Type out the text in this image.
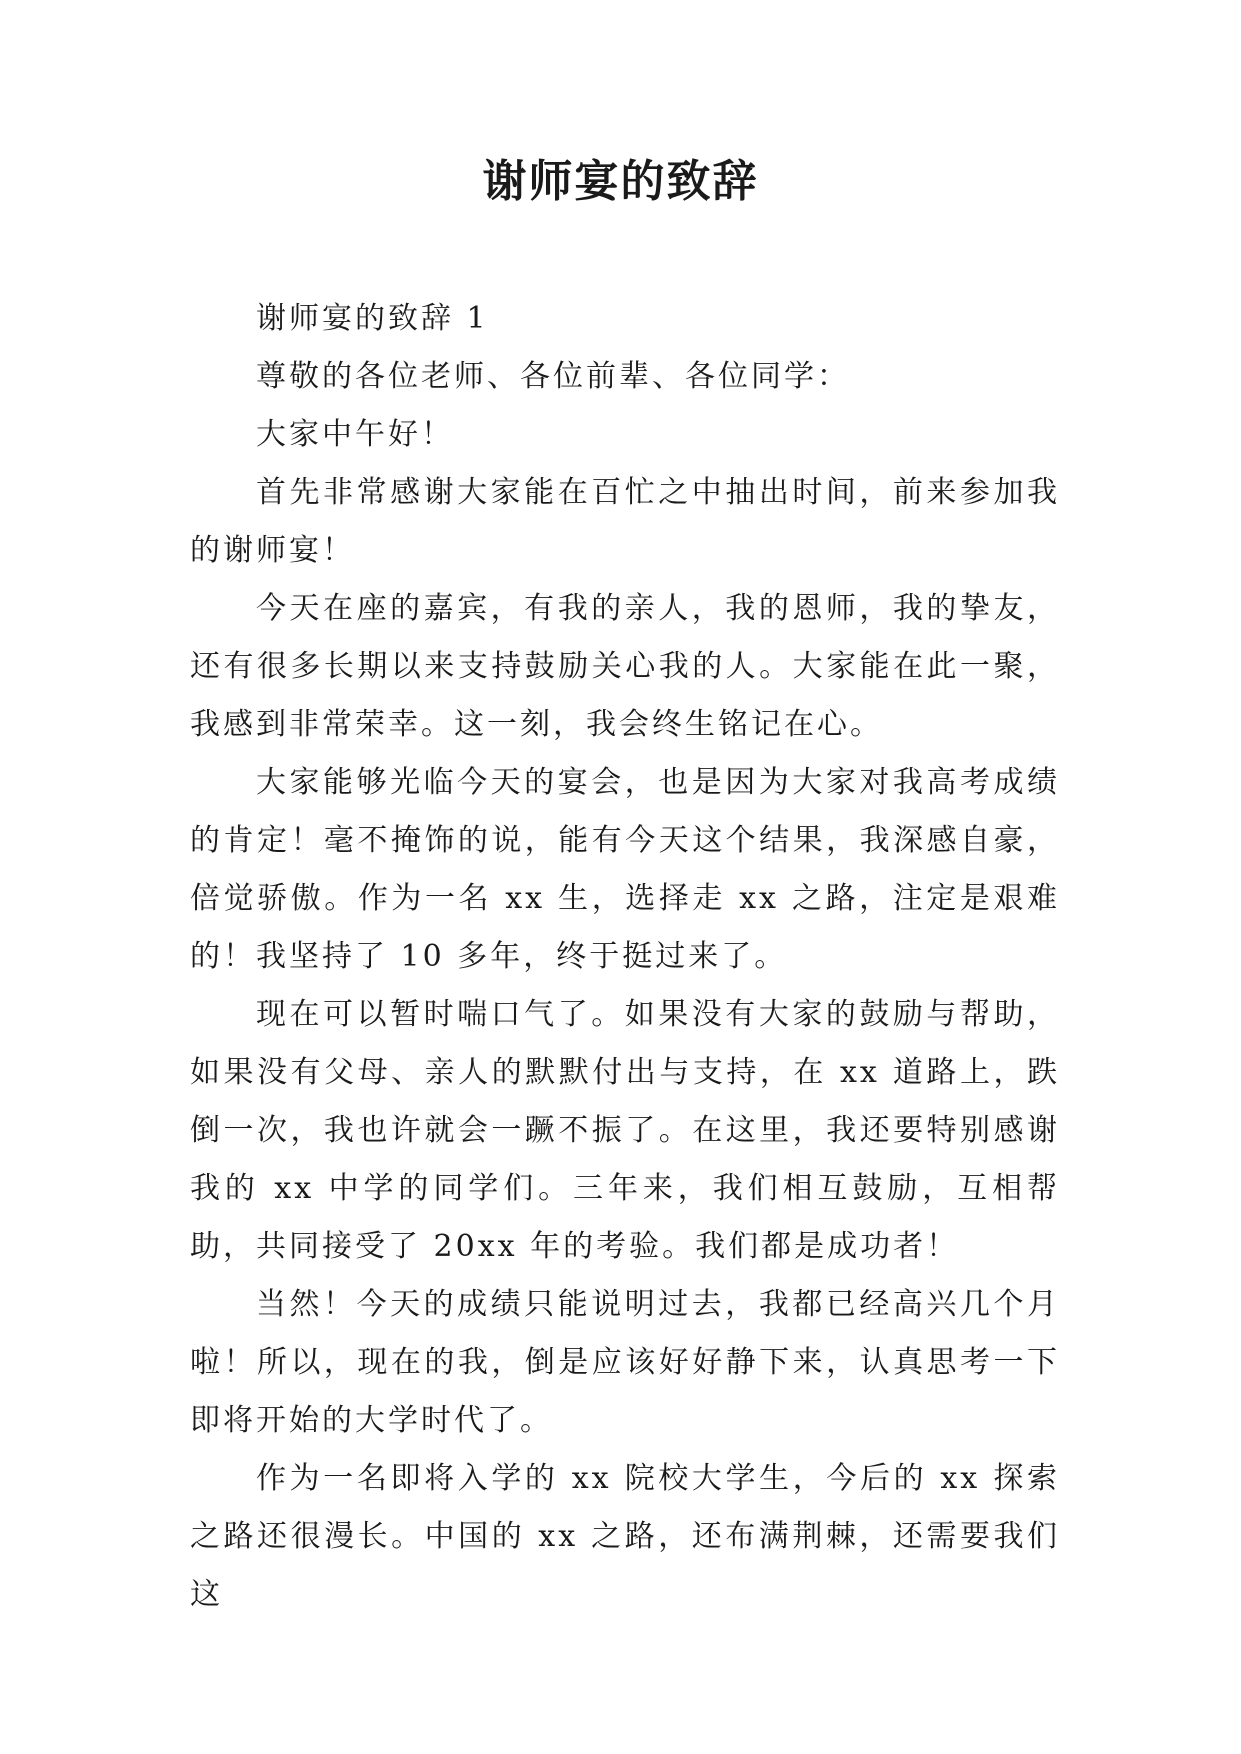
谢师宴的致辞

谢师宴的致辞 1

尊敬的各位老师、各位前辈、各位同学：

大家中午好！

首先非常感谢大家能在百忙之中抽出时间，前来参加我的谢师宴！

今天在座的嘉宾，有我的亲人，我的恩师，我的挚友，还有很多长期以来支持鼓励关心我的人。大家能在此一聚，我感到非常荣幸。这一刻，我会终生铭记在心。

大家能够光临今天的宴会，也是因为大家对我高考成绩的肯定！毫不掩饰的说，能有今天这个结果，我深感自豪，倍觉骄傲。作为一名 xx 生，选择走 xx 之路，注定是艰难的！我坚持了 10 多年，终于挺过来了。

现在可以暂时喘口气了。如果没有大家的鼓励与帮助，如果没有父母、亲人的默默付出与支持，在 xx 道路上，跌倒一次，我也许就会一蹶不振了。在这里，我还要特别感谢我的 xx 中学的同学们。三年来，我们相互鼓励，互相帮助，共同接受了 20xx 年的考验。我们都是成功者！

当然！今天的成绩只能说明过去，我都已经高兴几个月啦！所以，现在的我，倒是应该好好静下来，认真思考一下即将开始的大学时代了。

作为一名即将入学的 xx 院校大学生，今后的 xx 探索之路还很漫长。中国的 xx 之路，还布满荆棘，还需要我们这
